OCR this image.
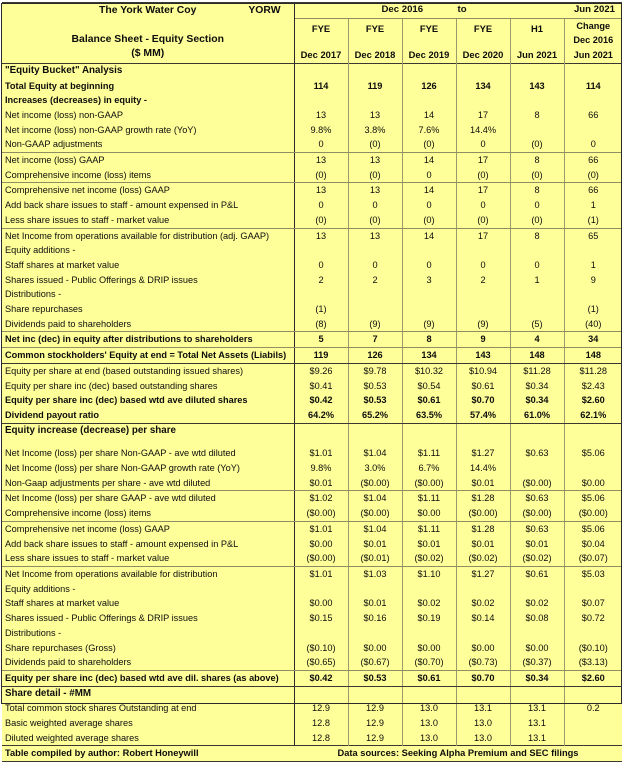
The York Water Coy	YORW

Balance Sheet - Equity Section
($ MM)

Dec 2016	to	Jun 2021

	FYE	FYE	FYE	FYE	H1	Change
Dec 2016
Jun 2021

	Dec 2017	Dec 2018	Dec 2019	Dec 2020	Jun 2021	
"Equity Bucket" Analysis						
Total Equity at beginning	114	119	126	134	143	114
Increases (decreases) in equity -						
Net income (loss) non-GAAP	13	13	14	17	8	66
Net income (loss) non-GAAP growth rate (YoY)	9.8%	3.8%	7.6%	14.4%		
Non-GAAP adjustments	0	(0)	(0)	0	(0)	0
Net income (loss) GAAP	13	13	14	17	8	66
Comprehensive income (loss) items	(0)	(0)	0	(0)	(0)	(0)
Comprehensive net income (loss) GAAP	13	13	14	17	8	66
Add back share issues to staff - amount expensed in P&L	0	0	0	0	0	1
Less share issues to staff - market value	(0)	(0)	(0)	(0)	(0)	(1)
Net Income from operations available for distribution (adj. GAAP)	13	13	14	17	8	65
Equity additions -						
Staff shares at market value	0	0	0	0	0	1
Shares issued - Public Offerings & DRIP issues	2	2	3	2	1	9
Distributions -						
Share repurchases	(1)					(1)
Dividends paid to shareholders	(8)	(9)	(9)	(9)	(5)	(40)
Net inc (dec) in equity after distributions to shareholders	5	7	8	9	4	34
Common stockholders' Equity at end = Total Net Assets (Liabils)	119	126	134	143	148	148
Equity per share at end (based outstanding issued shares)	$9.26	$9.78	$10.32	$10.94	$11.28	$11.28
Equity per share inc (dec) based outstanding shares	$0.41	$0.53	$0.54	$0.61	$0.34	$2.43
Equity per share inc (dec) based wtd ave diluted shares	$0.42	$0.53	$0.61	$0.70	$0.34	$2.60
Dividend payout ratio	64.2%	65.2%	63.5%	57.4%	61.0%	62.1%
Equity increase (decrease) per share						

Net Income (loss) per share Non-GAAP - ave wtd diluted	$1.01	$1.04	$1.11	$1.27	$0.63	$5.06
Net Income (loss) per share Non-GAAP growth rate (YoY)	9.8%	3.0%	6.7%	14.4%		
Non-Gaap adjustments per share - ave wtd diluted	$0.01	($0.00)	($0.00)	$0.01	($0.00)	$0.00
Net Income (loss) per share GAAP - ave wtd diluted	$1.02	$1.04	$1.11	$1.28	$0.63	$5.06
Comprehensive income (loss) items	($0.00)	($0.00)	$0.00	($0.00)	($0.00)	($0.00)
Comprehensive net income (loss) GAAP	$1.01	$1.04	$1.11	$1.28	$0.63	$5.06
Add back share issues to staff - amount expensed in P&L	$0.00	$0.01	$0.01	$0.01	$0.01	$0.04
Less share issues to staff - market value	($0.00)	($0.01)	($0.02)	($0.02)	($0.02)	($0.07)
Net Income from operations available for distribution	$1.01	$1.03	$1.10	$1.27	$0.61	$5.03
Equity additions -						
Staff shares at market value	$0.00	$0.01	$0.02	$0.02	$0.02	$0.07
Shares issued - Public Offerings & DRIP issues	$0.15	$0.16	$0.19	$0.14	$0.08	$0.72
Distributions -						
Share repurchases (Gross)	($0.10)	$0.00	$0.00	$0.00	$0.00	($0.10)
Dividends paid to shareholders	($0.65)	($0.67)	($0.70)	($0.73)	($0.37)	($3.13)
Equity per share inc (dec) based wtd ave dil. shares (as above)	$0.42	$0.53	$0.61	$0.70	$0.34	$2.60
Share detail - #MM						
Total common stock shares Outstanding at end	12.9	12.9	13.0	13.1	13.1	0.2
Basic weighted average shares	12.8	12.9	13.0	13.0	13.1	
Diluted weighted average shares	12.8	12.9	13.0	13.0	13.1	
Table compiled by author: Robert Honeywill	Data sources: Seeking Alpha Premium and SEC filings					
